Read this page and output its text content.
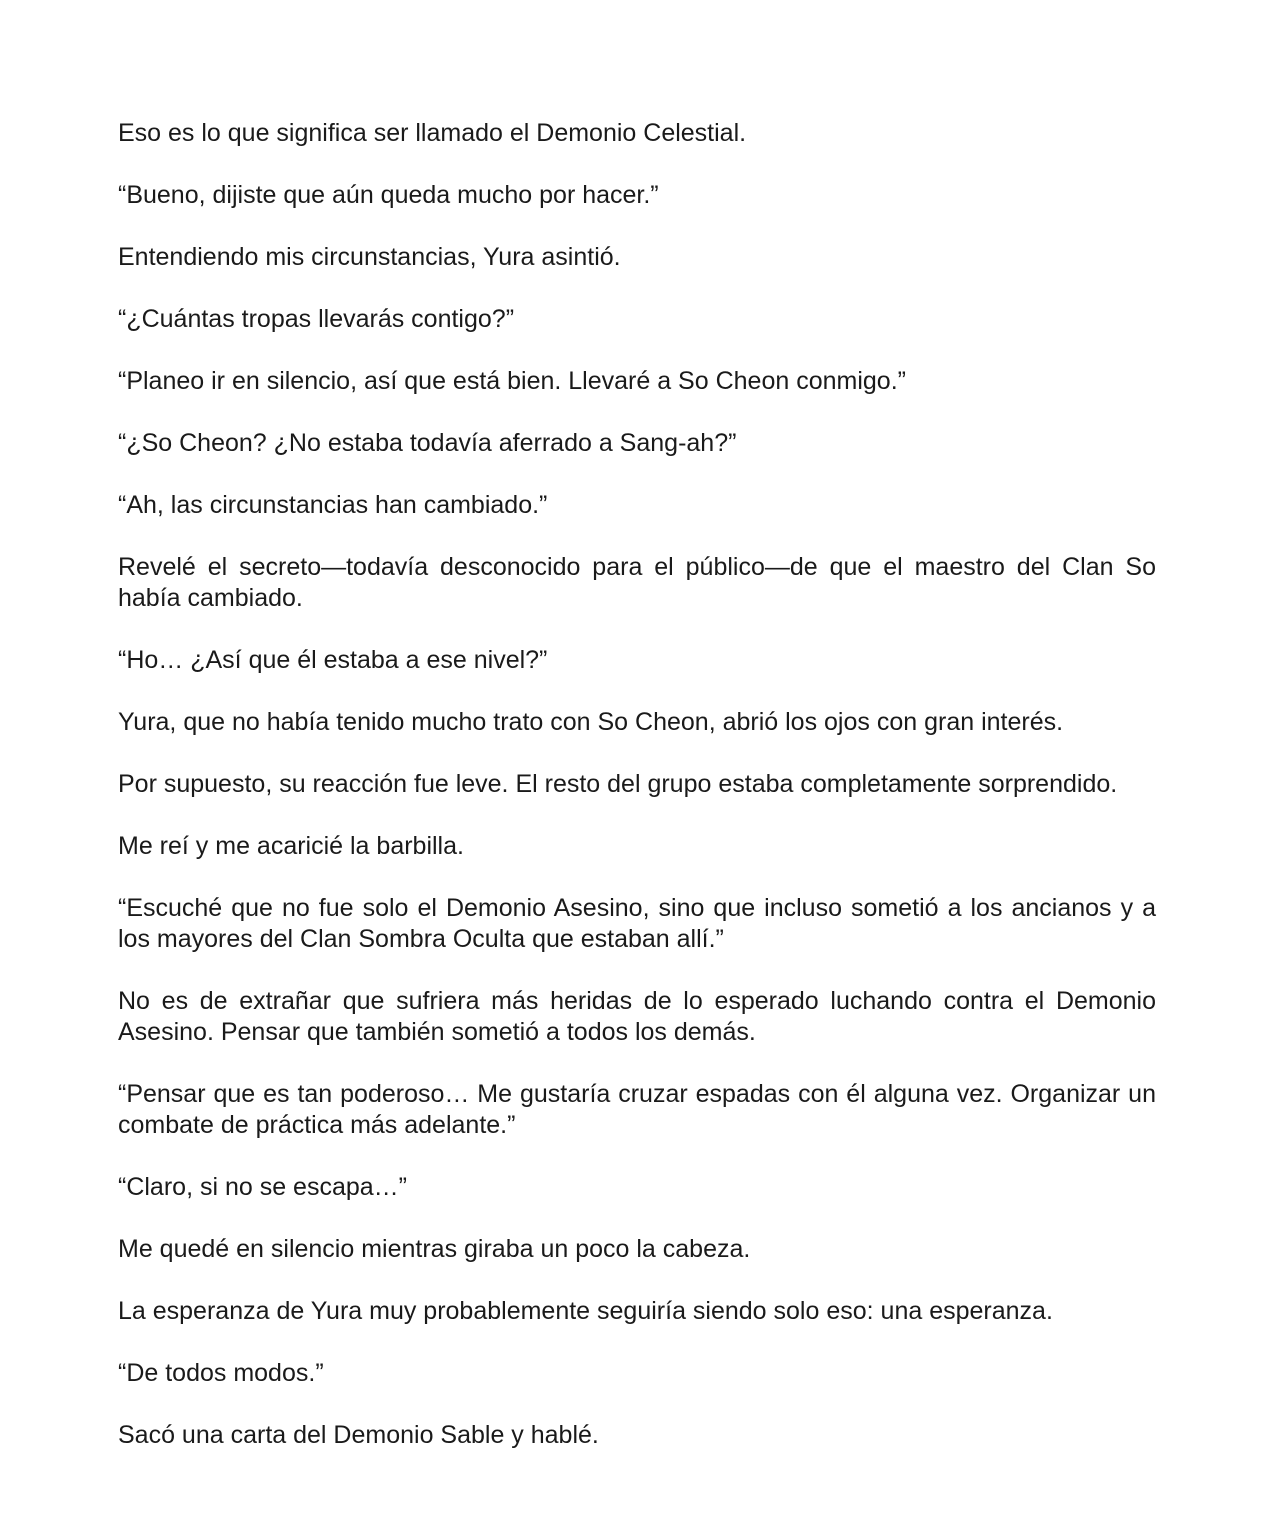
Eso es lo que significa ser llamado el Demonio Celestial.

“Bueno, dijiste que aún queda mucho por hacer.”

Entendiendo mis circunstancias, Yura asintió.

“¿Cuántas tropas llevarás contigo?”

“Planeo ir en silencio, así que está bien. Llevaré a So Cheon conmigo.”

“¿So Cheon? ¿No estaba todavía aferrado a Sang-ah?”

“Ah, las circunstancias han cambiado.”

Revelé el secreto—todavía desconocido para el público—de que el maestro del Clan So había cambiado.

“Ho… ¿Así que él estaba a ese nivel?”

Yura, que no había tenido mucho trato con So Cheon, abrió los ojos con gran interés.

Por supuesto, su reacción fue leve. El resto del grupo estaba completamente sorprendido.

Me reí y me acaricié la barbilla.

“Escuché que no fue solo el Demonio Asesino, sino que incluso sometió a los ancianos y a los mayores del Clan Sombra Oculta que estaban allí.”

No es de extrañar que sufriera más heridas de lo esperado luchando contra el Demonio Asesino. Pensar que también sometió a todos los demás.

“Pensar que es tan poderoso… Me gustaría cruzar espadas con él alguna vez. Organizar un combate de práctica más adelante.”

“Claro, si no se escapa…”

Me quedé en silencio mientras giraba un poco la cabeza.

La esperanza de Yura muy probablemente seguiría siendo solo eso: una esperanza.

“De todos modos.”

Sacó una carta del Demonio Sable y hablé.
